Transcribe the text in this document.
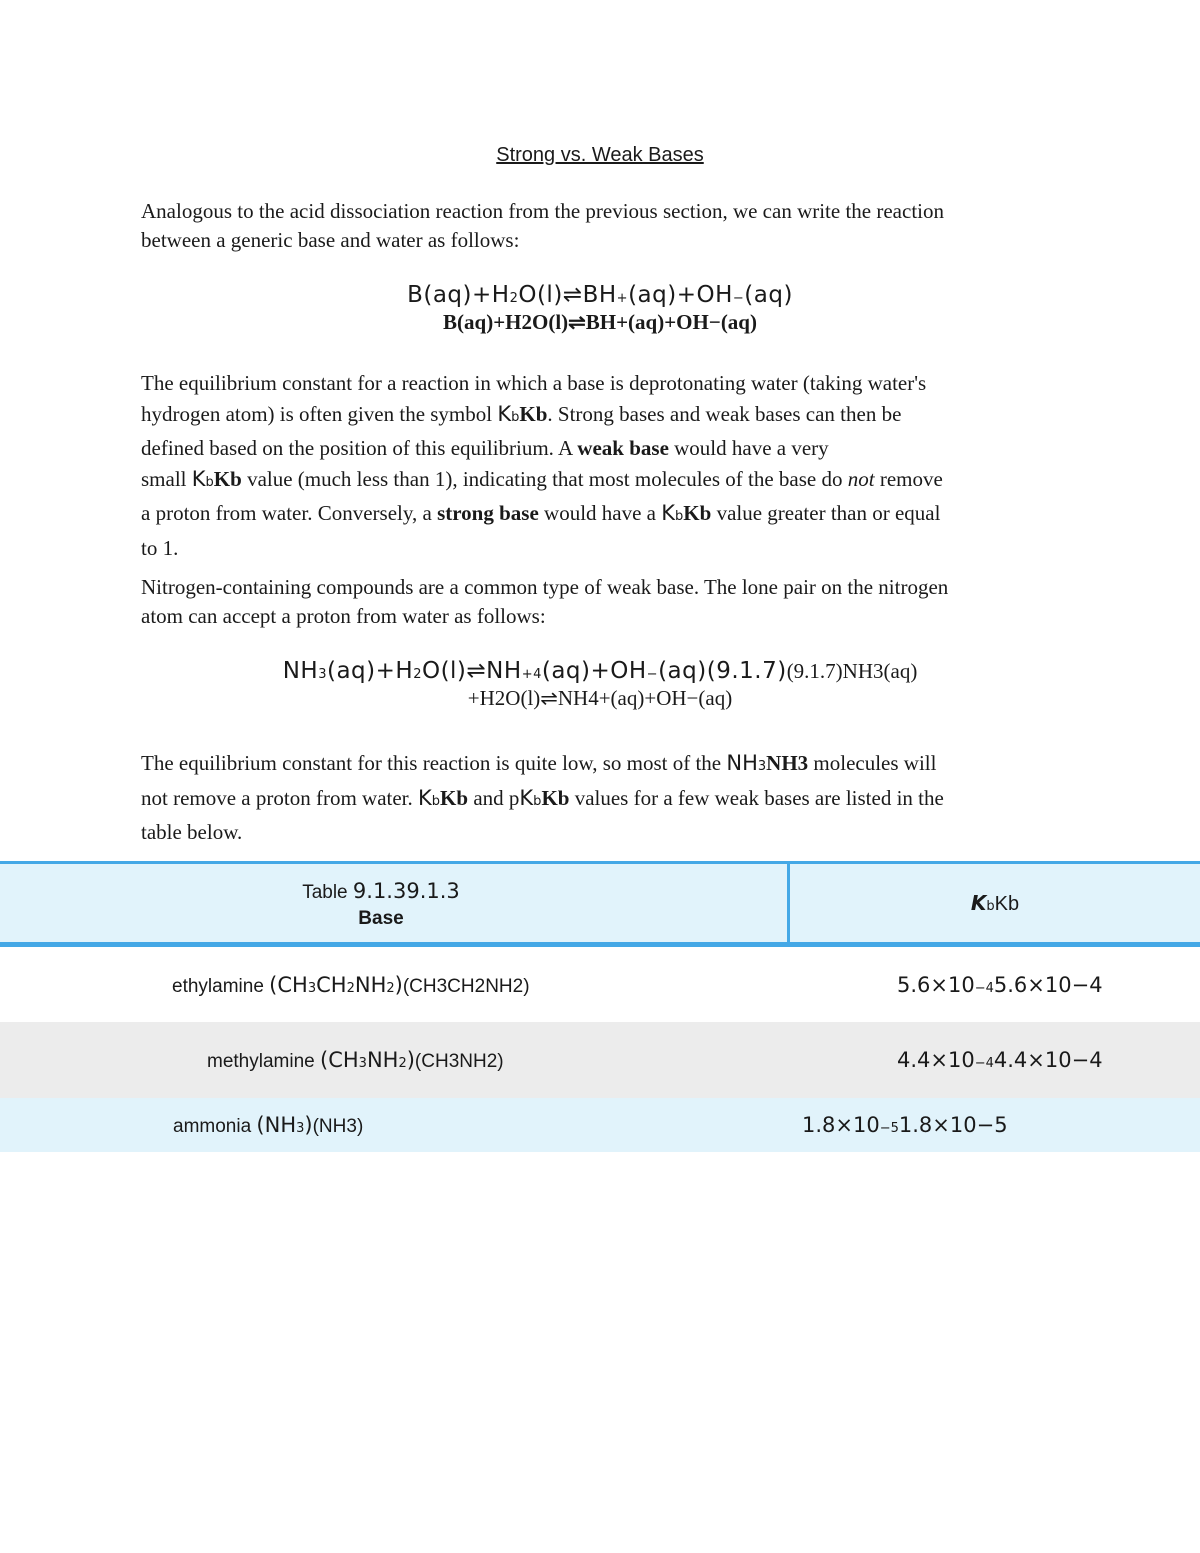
Strong vs. Weak Bases
Analogous to the acid dissociation reaction from the previous section, we can write the reaction
between a generic base and water as follows:
B(aq)+H2O(l)⇌BH+(aq)+OH−(aq)
B(aq)+H2O(l)⇌BH+(aq)+OH−(aq)
The equilibrium constant for a reaction in which a base is deprotonating water (taking water's
hydrogen atom) is often given the symbol KbKb. Strong bases and weak bases can then be
defined based on the position of this equilibrium. A weak base would have a very
small KbKb value (much less than 1), indicating that most molecules of the base do not remove
a proton from water. Conversely, a strong base would have a KbKb value greater than or equal
to 1.
Nitrogen-containing compounds are a common type of weak base. The lone pair on the nitrogen
atom can accept a proton from water as follows:
NH3(aq)+H2O(l)⇌NH+4(aq)+OH−(aq)(9.1.7)(9.1.7)NH3(aq)
+H2O(l)⇌NH4+(aq)+OH−(aq)
The equilibrium constant for this reaction is quite low, so most of the NH3NH3 molecules will
not remove a proton from water. KbKb and pKbKb values for a few weak bases are listed in the
table below.
Table 9.1.39.1.3
Base
KbKb
ethylamine (CH3CH2NH2)(CH3CH2NH2)	5.6×10−45.6×10−4
methylamine (CH3NH2)(CH3NH2)	4.4×10−44.4×10−4
ammonia (NH3)(NH3)	1.8×10−51.8×10−5
